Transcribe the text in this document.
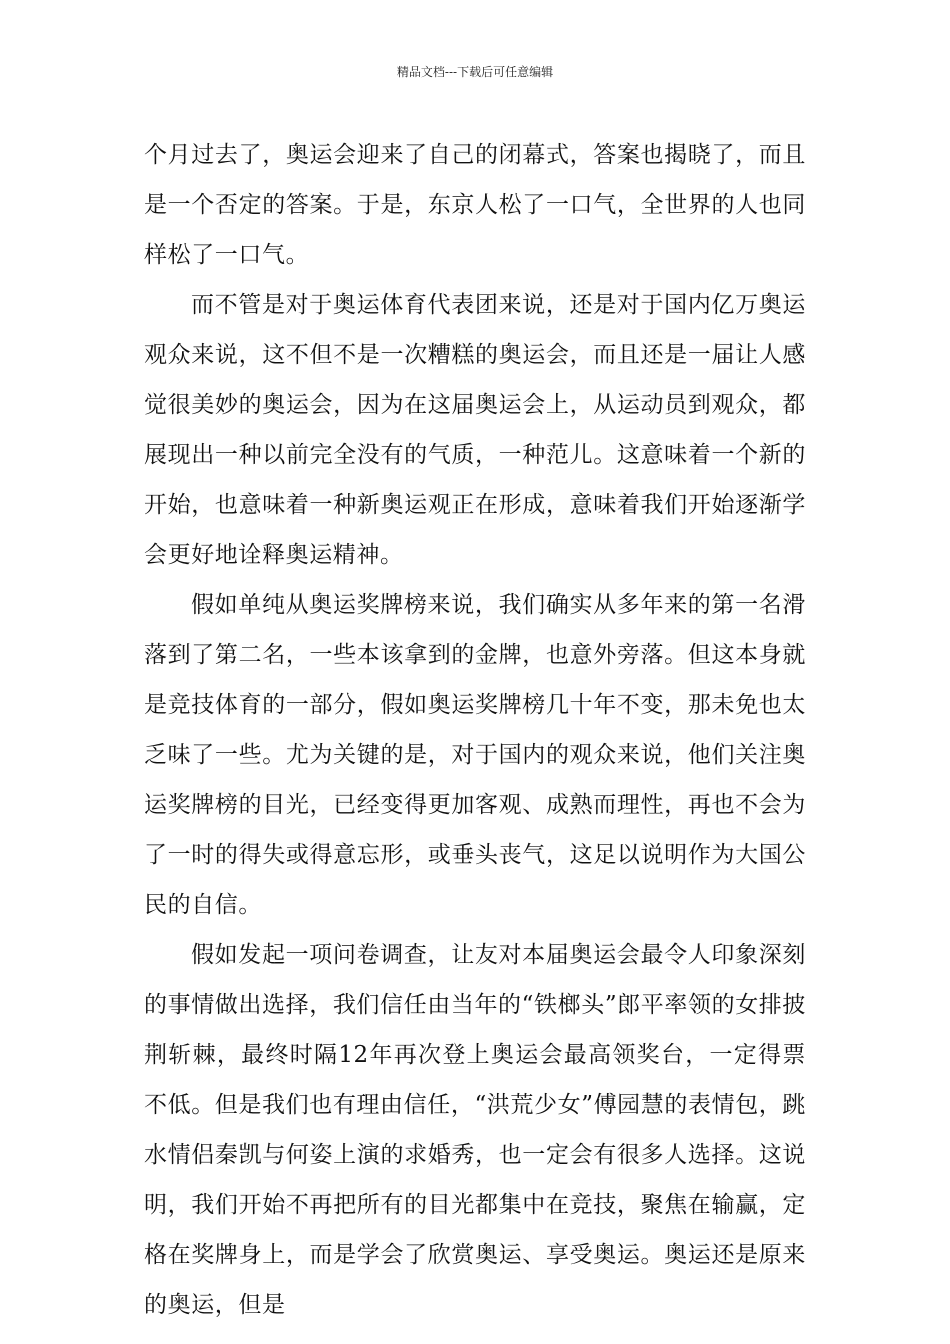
精品文档---下载后可任意编辑

个月过去了，奥运会迎来了自己的闭幕式，答案也揭晓了，而且是一个否定的答案。于是，东京人松了一口气，全世界的人也同样松了一口气。

而不管是对于奥运体育代表团来说，还是对于国内亿万奥运观众来说，这不但不是一次糟糕的奥运会，而且还是一届让人感觉很美妙的奥运会，因为在这届奥运会上，从运动员到观众，都展现出一种以前完全没有的气质，一种范儿。这意味着一个新的开始，也意味着一种新奥运观正在形成，意味着我们开始逐渐学会更好地诠释奥运精神。

假如单纯从奥运奖牌榜来说，我们确实从多年来的第一名滑落到了第二名，一些本该拿到的金牌，也意外旁落。但这本身就是竞技体育的一部分，假如奥运奖牌榜几十年不变，那未免也太乏味了一些。尤为关键的是，对于国内的观众来说，他们关注奥运奖牌榜的目光，已经变得更加客观、成熟而理性，再也不会为了一时的得失或得意忘形，或垂头丧气，这足以说明作为大国公民的自信。

假如发起一项问卷调查，让友对本届奥运会最令人印象深刻的事情做出选择，我们信任由当年的“铁榔头”郎平率领的女排披荆斩棘，最终时隔12年再次登上奥运会最高领奖台，一定得票不低。但是我们也有理由信任，“洪荒少女”傅园慧的表情包，跳水情侣秦凯与何姿上演的求婚秀，也一定会有很多人选择。这说明，我们开始不再把所有的目光都集中在竞技，聚焦在输赢，定格在奖牌身上，而是学会了欣赏奥运、享受奥运。奥运还是原来的奥运，但是
